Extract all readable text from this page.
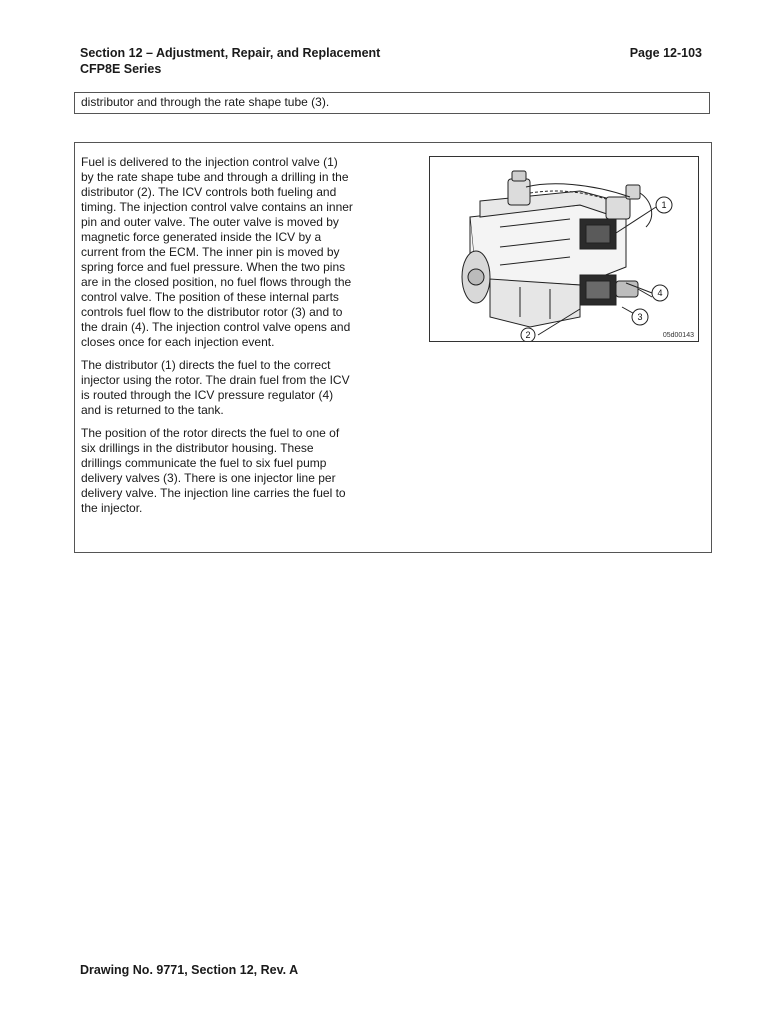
Section 12 – Adjustment, Repair, and Replacement
CFP8E Series
Page 12-103
distributor and through the rate shape tube (3).

Fuel is delivered to the injection control valve (1) by the rate shape tube and through a drilling in the distributor (2). The ICV controls both fueling and timing. The injection control valve contains an inner pin and outer valve. The outer valve is moved by magnetic force generated inside the ICV by a current from the ECM. The inner pin is moved by spring force and fuel pressure. When the two pins are in the closed position, no fuel flows through the control valve. The position of these internal parts controls fuel flow to the distributor rotor (3) and to the drain (4). The injection control valve opens and closes once for each injection event.

The distributor (1) directs the fuel to the correct injector using the rotor. The drain fuel from the ICV is routed through the ICV pressure regulator (4) and is returned to the tank.

The position of the rotor directs the fuel to one of six drillings in the distributor housing. These drillings communicate the fuel to six fuel pump delivery valves (3). There is one injector line per delivery valve. The injection line carries the fuel to the injector.

1
4
3
2	05d00143
Drawing No. 9771, Section 12, Rev. A
